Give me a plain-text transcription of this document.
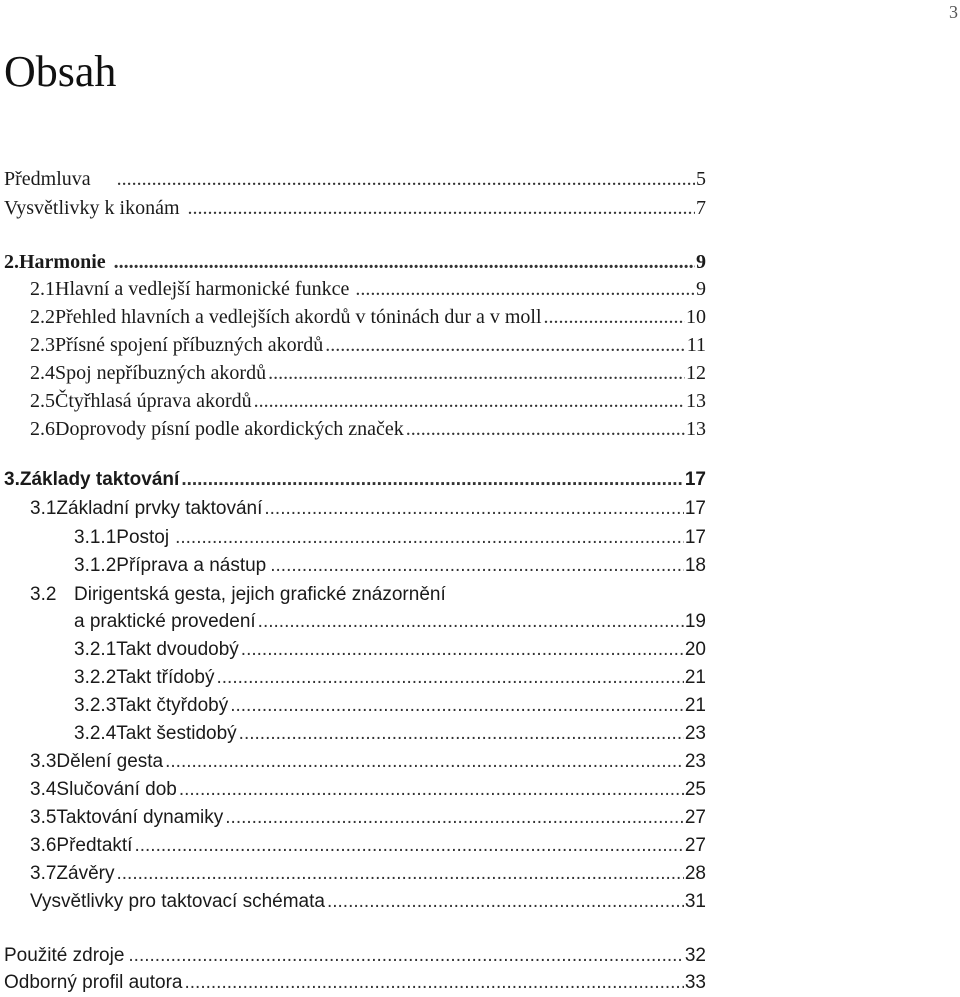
3
Obsah
Předmluva .....	5
Vysvětlivky k ikonám .....	7
2. Harmonie .....	9
2.1 Hlavní a vedlejší harmonické funkce .....	9
2.2 Přehled hlavních a vedlejších akordů v tóninách dur a v moll .....	10
2.3 Přísné spojení příbuzných akordů .....	11
2.4 Spoj nepříbuzných akordů .....	12
2.5 Čtyřhlasá úprava akordů .....	13
2.6 Doprovody písní podle akordických značek .....	13
3. Základy taktování .....	17
3.1 Základní prvky taktování .....	17
3.1.1 Postoj .....	17
3.1.2 Příprava a nástup .....	18
3.2 Dirigentská gesta, jejich grafické znázornění
a praktické provedení .....	19
3.2.1 Takt dvoudobý .....	20
3.2.2 Takt třídobý .....	21
3.2.3 Takt čtyřdobý .....	21
3.2.4 Takt šestidobý .....	23
3.3 Dělení gesta .....	23
3.4 Slučování dob .....	25
3.5 Taktování dynamiky .....	27
3.6 Předtaktí .....	27
3.7 Závěry .....	28
Vysvětlivky pro taktovací schémata .....	31
Použité zdroje .....	32
Odborný profil autora .....	33
